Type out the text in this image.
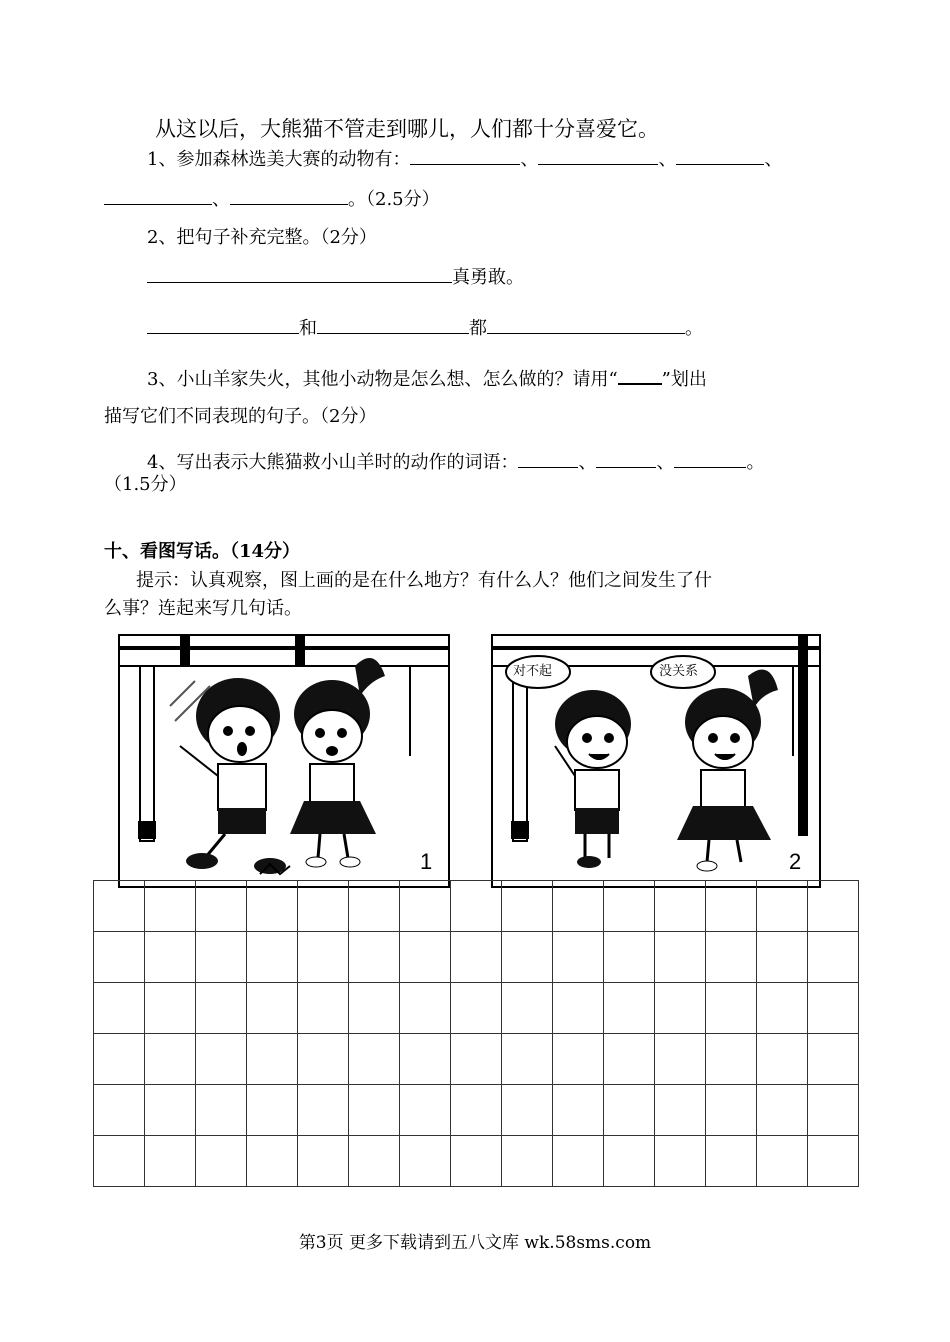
从这以后，大熊猫不管走到哪儿，人们都十分喜爱它。
1、参加森林选美大赛的动物有：	、	、	、
、	。（2.5分）
2、把句子补充完整。（2分）
真勇敢。
和	都	。
3、小山羊家失火，其他小动物是怎么想、怎么做的？请用“ ”划出
描写它们不同表现的句子。（2分）
4、写出表示大熊猫救小山羊时的动作的词语：	、	、	。
（1.5分）
十、看图写话。（14分）
提示：认真观察，图上画的是在什么地方？有什么人？他们之间发生了什
么事？连起来写几句话。
1
对不起	没关系
2

第3页 更多下载请到五八文库 wk.58sms.com
